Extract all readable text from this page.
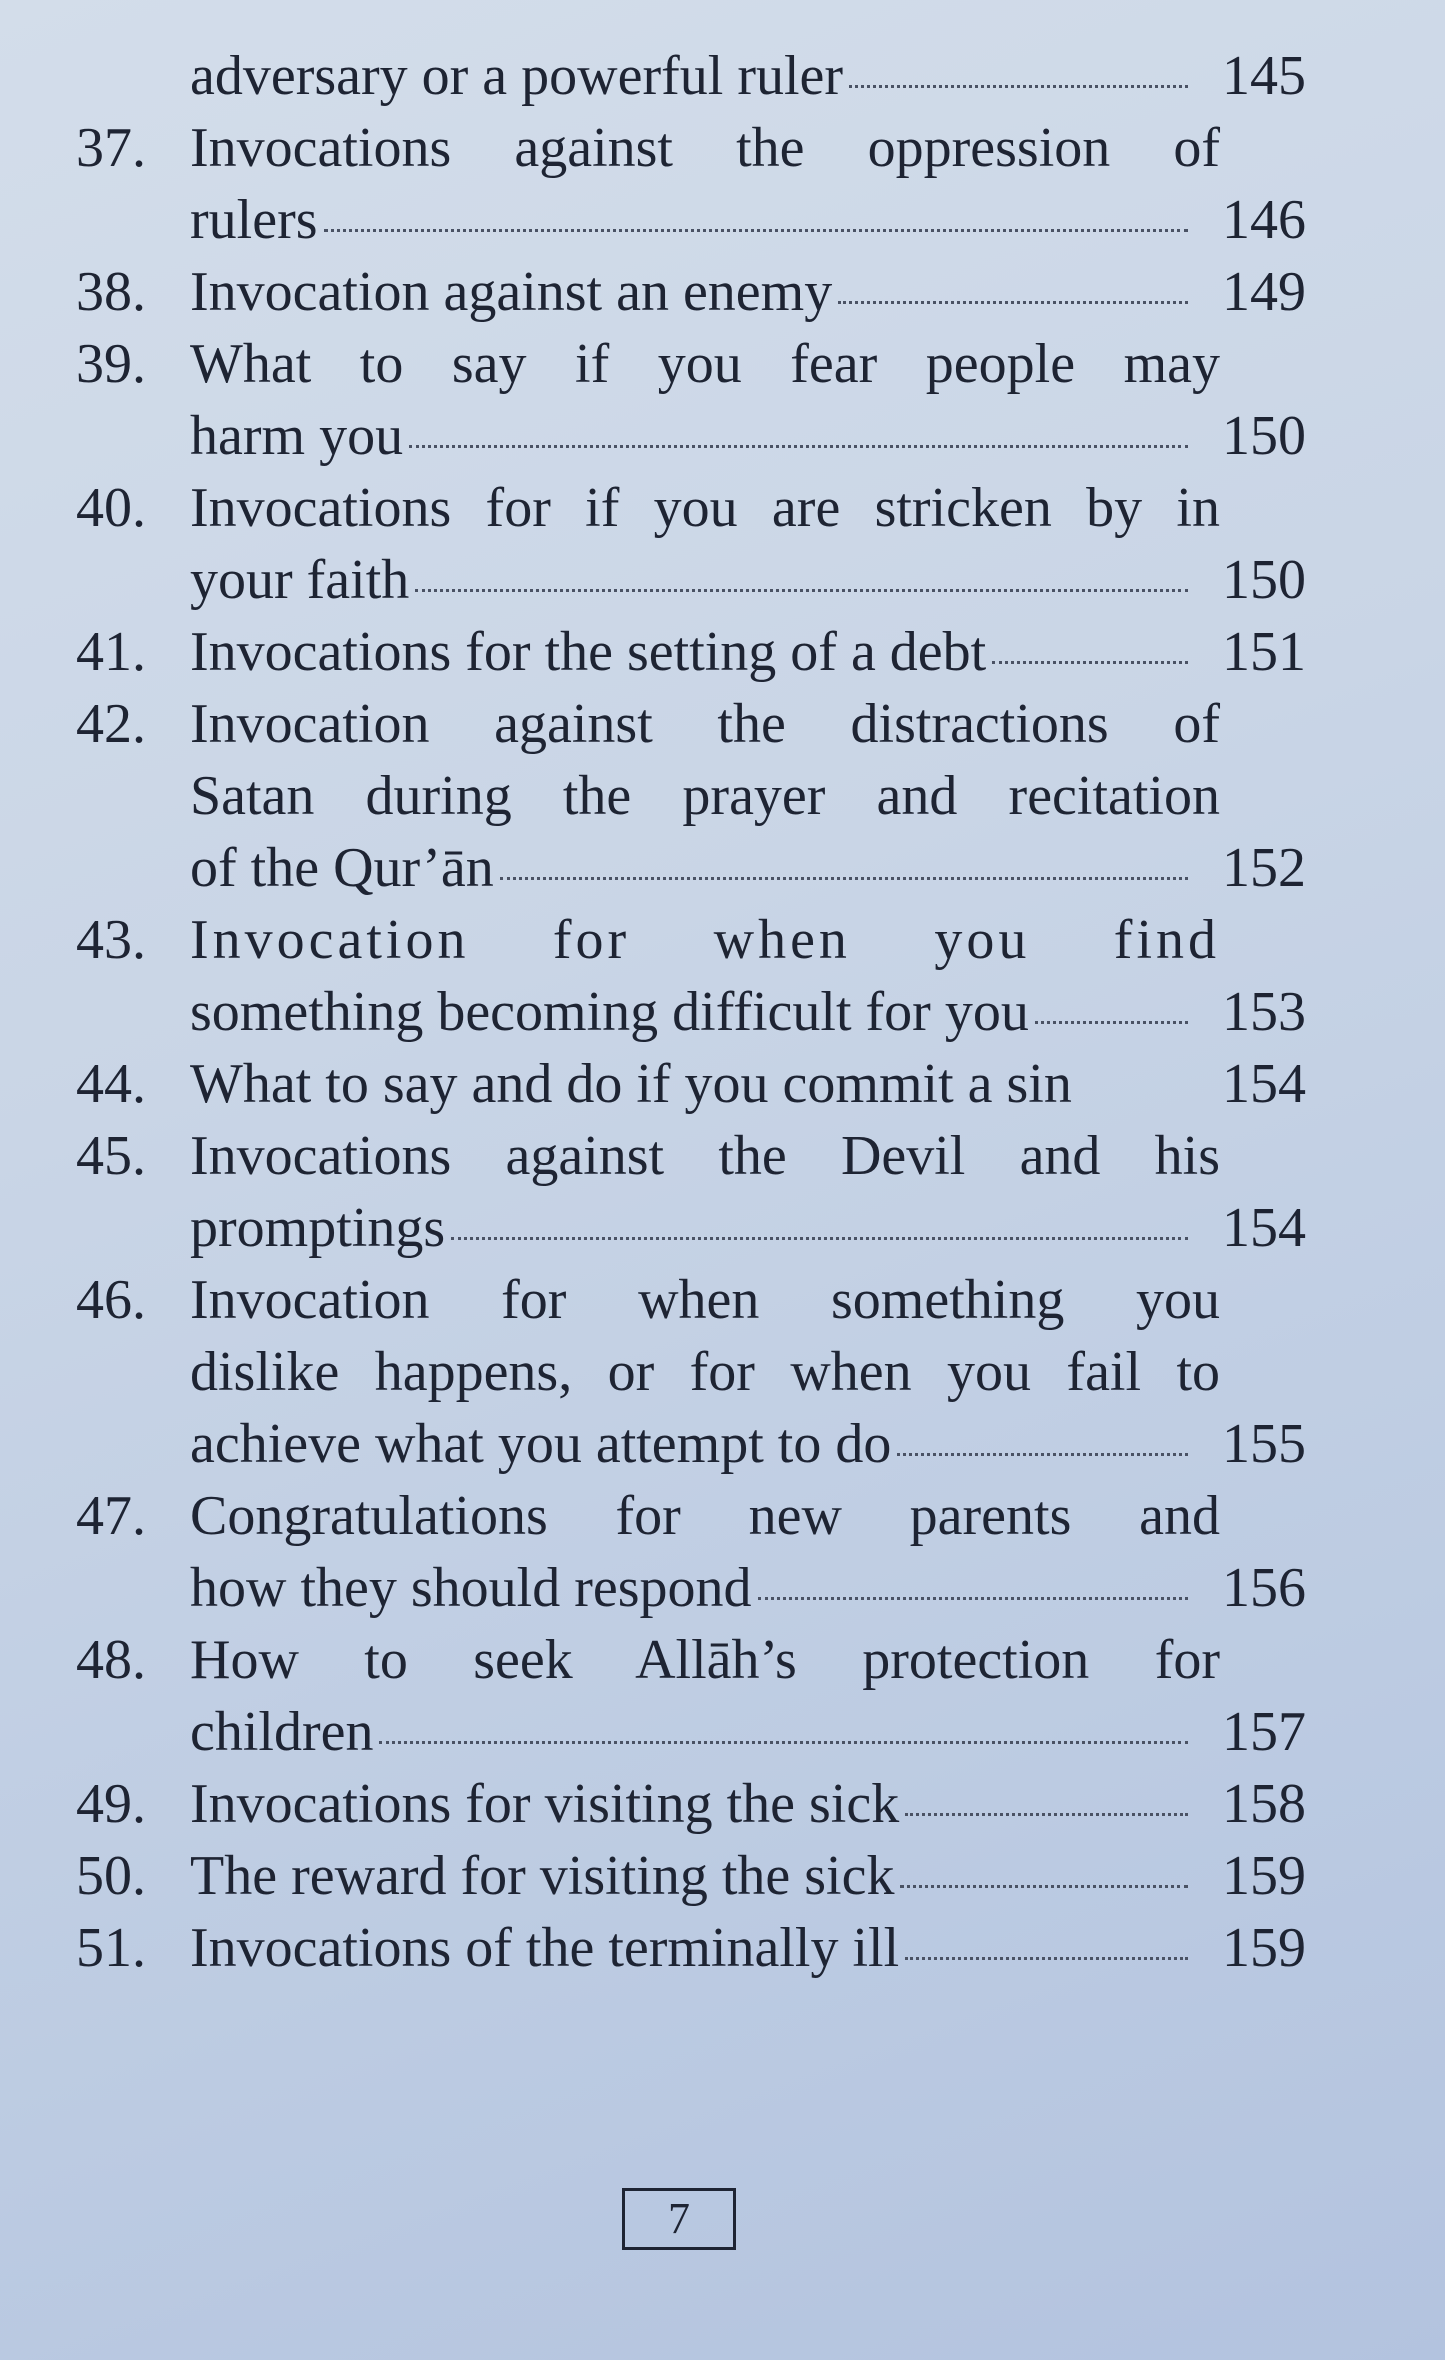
adversary or a powerful ruler	145
37. Invocations against the oppression of
rulers	146
38. Invocation against an enemy	149
39. What to say if you fear people may
harm you	150
40. Invocations for if you are stricken by in
your faith	150
41. Invocations for the setting of a debt	151
42. Invocation against the distractions of
Satan during the prayer and recitation
of the Qur’ān	152
43. Invocation for when you find
something becoming difficult for you	153
44. What to say and do if you commit a sin	154
45. Invocations against the Devil and his
promptings	154
46. Invocation for when something you
dislike happens, or for when you fail to
achieve what you attempt to do	155
47. Congratulations for new parents and
how they should respond	156
48. How to seek Allāh’s protection for
children	157
49. Invocations for visiting the sick	158
50. The reward for visiting the sick	159
51. Invocations of the terminally ill	159
7
